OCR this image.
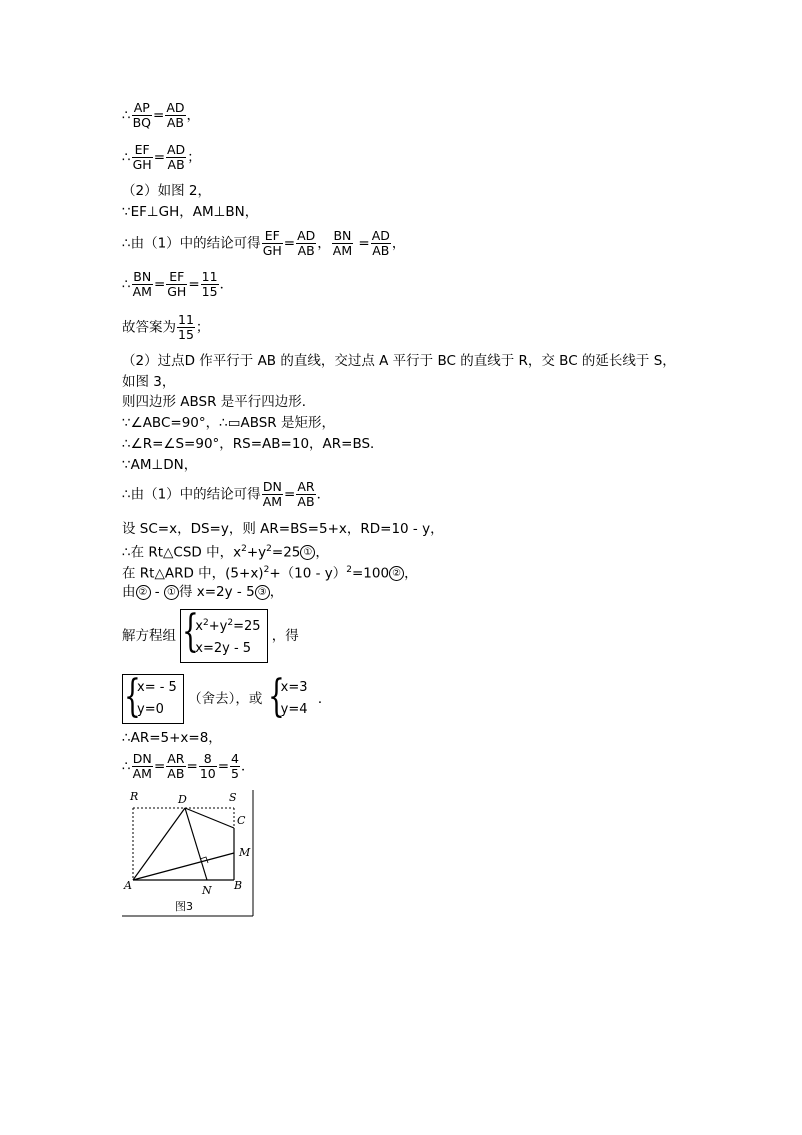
∴ $\frac{AP}{BQ} = \frac{AD}{AB}$ ，
∴ $\frac{EF}{GH} = \frac{AD}{AB}$ ；
（2）如图 2，
∵EF⊥GH，AM⊥BN，
∴由（1）中的结论可得 $\frac{EF}{GH} = \frac{AD}{AB}$ ， $\frac{BN}{AM} = \frac{AD}{AB}$ ，
∴ $\frac{BN}{AM} = \frac{EF}{GH} = \frac{11}{15}$ ．
故答案为 $\frac{11}{15}$ ；
（2）过点D 作平行于 AB 的直线，交过点 A 平行于 BC 的直线于 R，交 BC 的延长线于 S，
如图 3，
则四边形 ABSR 是平行四边形．
∵∠ABC=90°，∴▭ABSR 是矩形，
∴∠R=∠S=90°，RS=AB=10，AR=BS．
∵AM⊥DN，
∴由（1）中的结论可得 $\frac{DN}{AM} = \frac{AR}{AB}$ ．
设 SC=x，DS=y，则 AR=BS=5+x，RD=10 - y，
∴在 Rt△CSD 中，$x^2+y^2=25$ ① ，
在 Rt△ARD 中，$(5+x)^2+(10 - y)^2=100$ ② ，
由 ② - ① 得 x=2y - 5 ③ ，
解方程组
{ $x^2+y^2=25$
x=2y - 5
，得
{ x= - 5
y=0
（舍去），或
{ x=3
y=4
．
∴AR=5+x=8，
∴ $\frac{DN}{AM} = \frac{AR}{AB} = \frac{8}{10} = \frac{4}{5}$ ．
R	D	S
C
M
A	N B
图3
